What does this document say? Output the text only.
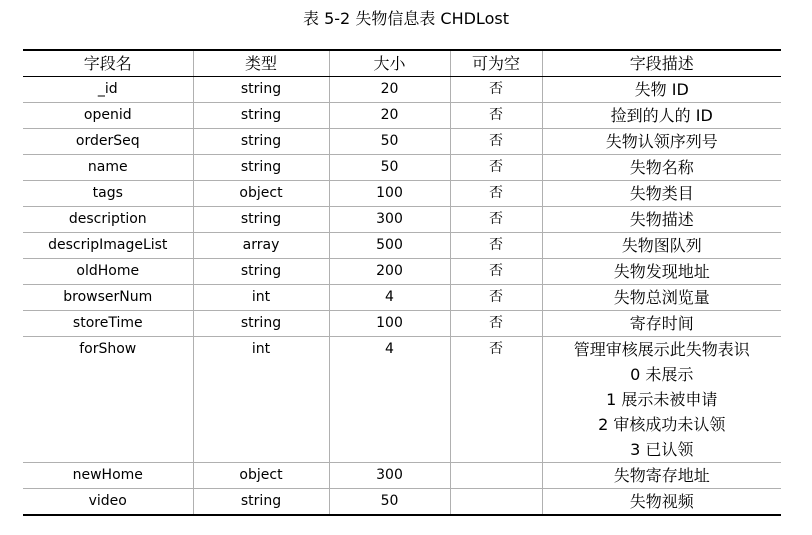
表 5-2 失物信息表 CHDLost
字段名	类型	大小	可为空	字段描述
_id	string	20	否	失物 ID

openid	string	20	否	捡到的人的 ID

orderSeq	string	50	否	失物认领序列号

name	string	50	否	失物名称

tags	object	100	否	失物类目

description	string	300	否	失物描述

descripImageList	array	500	否	失物图队列

oldHome	string	200	否	失物发现地址

browserNum	int	4	否	失物总浏览量

storeTime	string	100	否	寄存时间

forShow	int	4	否	管理审核展示此失物表识
0 未展示
1 展示未被申请
2 审核成功未认领
3 已认领

newHome	object	300		失物寄存地址

video	string	50		失物视频
